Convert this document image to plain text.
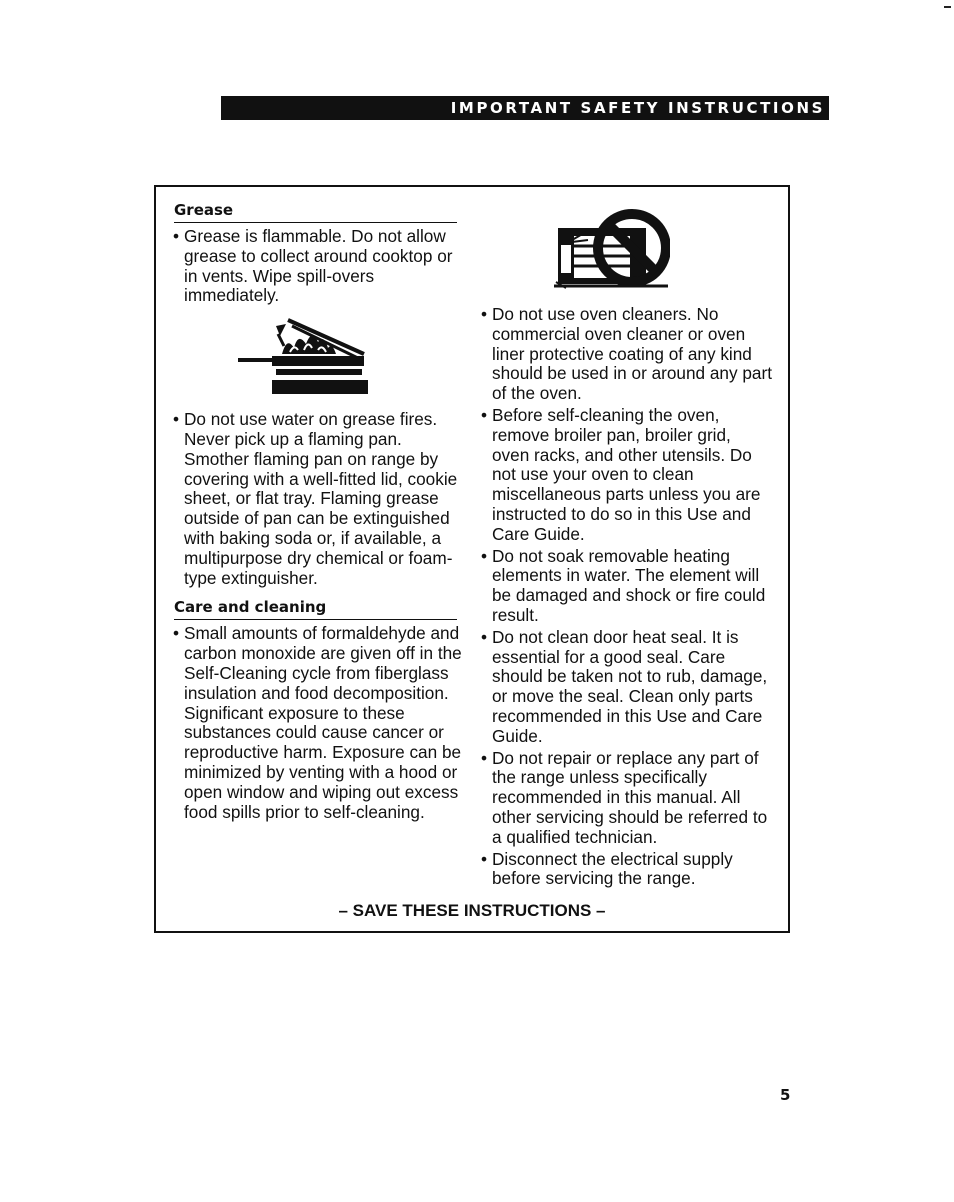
IMPORTANT SAFETY INSTRUCTIONS
Grease
• Grease is flammable. Do not allow grease to collect around cooktop or in vents. Wipe spill-overs immediately.
• Do not use water on grease fires. Never pick up a flaming pan. Smother flaming pan on range by covering with a well-fitted lid, cookie sheet, or flat tray. Flaming grease outside of pan can be extinguished with baking soda or, if available, a multipurpose dry chemical or foam-type extinguisher.
Care and cleaning
• Small amounts of formaldehyde and carbon monoxide are given off in the Self-Cleaning cycle from fiberglass insulation and food decomposition. Significant exposure to these substances could cause cancer or reproductive harm. Exposure can be minimized by venting with a hood or open window and wiping out excess food spills prior to self-cleaning.
• Do not use oven cleaners. No commercial oven cleaner or oven liner protective coating of any kind should be used in or around any part of the oven.
• Before self-cleaning the oven, remove broiler pan, broiler grid, oven racks, and other utensils. Do not use your oven to clean miscellaneous parts unless you are instructed to do so in this Use and Care Guide.
• Do not soak removable heating elements in water. The element will be damaged and shock or fire could result.
• Do not clean door heat seal. It is essential for a good seal. Care should be taken not to rub, damage, or move the seal. Clean only parts recommended in this Use and Care Guide.
• Do not repair or replace any part of the range unless specifically recommended in this manual. All other servicing should be referred to a qualified technician.
• Disconnect the electrical supply before servicing the range.
– SAVE THESE INSTRUCTIONS –
5
